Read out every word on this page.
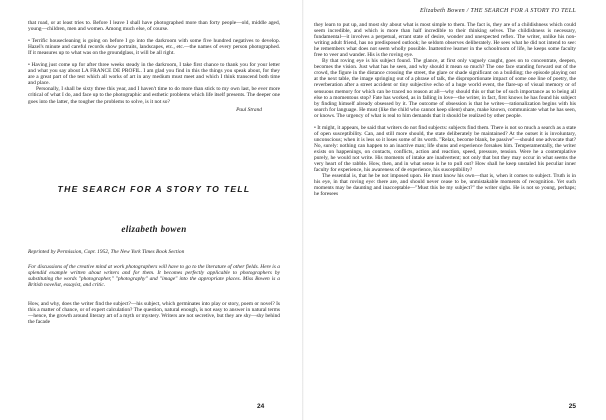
that road, or at least tries to. Before I leave I shall have photographed more than forty people—old, middle aged, young—children, men and women. Among much else, of course.

• Terrific housecleaning is going on before I go into the darkroom with some five hundred negatives to develop. Hazel's minute and careful records show portraits, landscapes, etc., etc.—the names of every person photographed. If it measures up to what was on the groundglass, it will be all right.

• Having just come up for after three weeks steady in the darkroom, I take first chance to thank you for your letter and what you say about LA FRANCE DE PROFIL. I am glad you find in this the things you speak about, for they are a great part of the test which all works of art in any medium must meet and which I think transcend both time and place.

Personally, I shall be sixty three this year, and I haven't time to do more than stick to my own last, be ever more critical of what I do, and face up to the photographic and esthetic problems which life itself presents. The deeper one goes into the latter, the tougher the problems to solve, is it not so?

Paul Strand

THE SEARCH FOR A STORY TO TELL
elizabeth bowen
Reprinted by Permission, Copr. 1952, The New York Times Book Section

For discussions of the creative mind at work photographers will have to go to the literature of other fields. Here is a splendid example written about writers and for them. It becomes perfectly applicable to photographers by substituting the words "photographer," "photography" and "image" into the appropriate places. Miss Bowen is a British novelist, essayist, and critic.

How, and why, does the writer find the subject?—his subject, which germinates into play or story, poem or novel? Is this a matter of chance, or of expert calculation? The question, natural enough, is not easy to answer in natural terms—hence, the growth around literary art of a myth or mystery. Writers are not secretive, but they are shy—shy behind the facade

24
Elizabeth Bowen / THE SEARCH FOR A STORY TO TELL

they learn to put up, and most shy about what is most simple to them. The fact is, they are of a childishness which could seem incredible, and which is more than half incredible to their thinking selves. The childishness is necessary, fundamental—it involves a perpetual, errant state of desire, wonder and unexpected reflex. The writer, unlike his non-writing adult friend, has no predisposed outlook; he seldom observes deliberately. He sees what he did not intend to see: he remembers what does not seem wholly possible. Inattentive learner in the schoolroom of life, he keeps some faculty free to veer and wander. His is the roving eye.

By that roving eye is his subject found. The glance, at first only vaguely caught, goes on to concentrate, deepen, becomes the vision. Just what has he seen, and why should it mean so much? The one face standing forward out of the crowd, the figure in the distance crossing the street, the glare or shade significant on a building; the episode playing out at the next table, the image springing out of a phrase of talk, the disproportionate impact of some one line of poetry, the reverberation after a street accident or tiny subjective echo of a huge world event, the flare-up of visual memory or of sensuous memory for which can be traced no reason at all—why should this or that be of such importance as to being all else to a momentous stop? Fate has worked, as in falling in love—the writer, in fact, first knows he has found his subject by finding himself already obsessed by it. The outcome of obsession is that he writes—rationalization begins with his search for language. He must (like the child who cannot keep silent) share, make known, communicate what he has seen, or knows. The urgency of what is real to him demands that it should be realized by other people.

• It might, it appears, be said that writers do not find subjects: subjects find them. There is not so much a search as a state of open susceptibility. Can, and still more should, the state deliberately be maintained? At the outset it is involuntary, unconscious; when it is less so it loses some of its worth. "Relax, become blank, be passive"—should one advocate that? No, surely: nothing can happen to an inactive man; life shuns and experience forsakes him. Temperamentally, the writer exists on happenings, on contacts, conflicts, action and reaction, speed, pressure, tension. Were he a contemplative purely, he would not write. His moments of intake are inadvertent; not only that but they may occur in what seems the very heart of the rabble. How, then, and in what sense is he to pull out? How shall he keep unstaled his peculiar inner faculty for experience, his awareness of de experience, his susceptibility?

The essential is, that he be not imposed upon. He must know his own—that is, when it comes to subject. Truth is in his eye, in that roving eye: there are, and should never cease to be, unmistakable moments of recognition. Yet such moments may be daunting and inacceptable—"Must this be my subject?" the writer sighs. He is not so young, perhaps; he foresees

25
